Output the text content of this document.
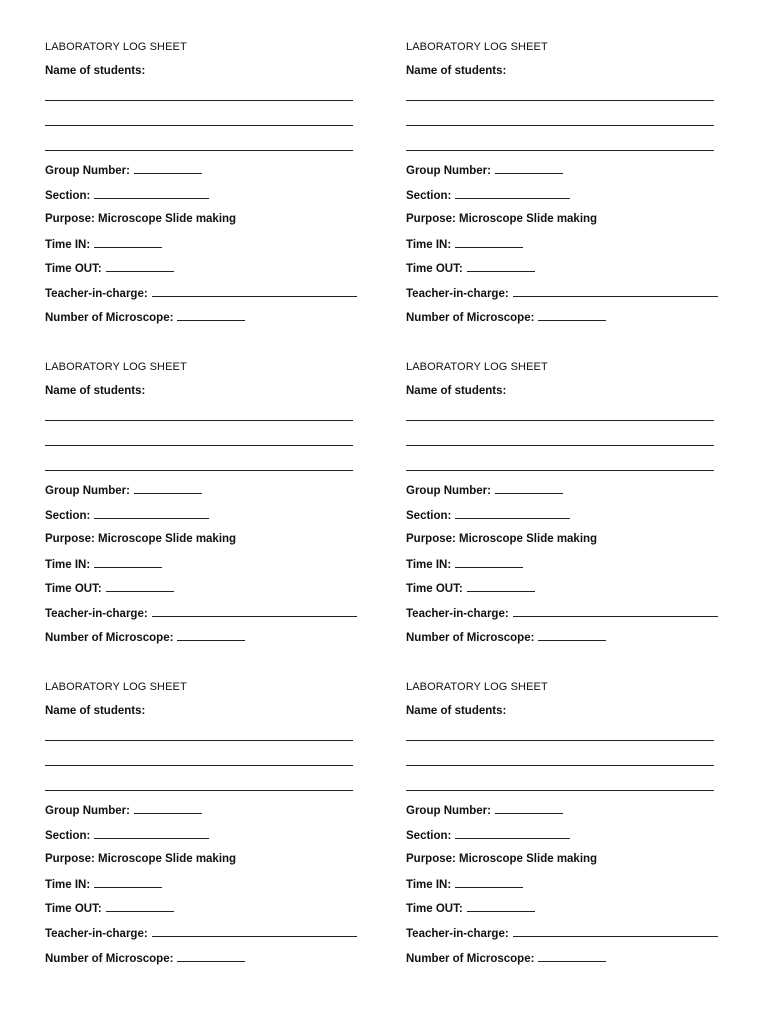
LABORATORY LOG SHEET
Name of students:
Group Number:
Section:
Purpose: Microscope Slide making
Time IN:
Time OUT:
Teacher-in-charge:
Number of Microscope:
LABORATORY LOG SHEET
Name of students:
Group Number:
Section:
Purpose: Microscope Slide making
Time IN:
Time OUT:
Teacher-in-charge:
Number of Microscope:
LABORATORY LOG SHEET
Name of students:
Group Number:
Section:
Purpose: Microscope Slide making
Time IN:
Time OUT:
Teacher-in-charge:
Number of Microscope:
LABORATORY LOG SHEET
Name of students:
Group Number:
Section:
Purpose: Microscope Slide making
Time IN:
Time OUT:
Teacher-in-charge:
Number of Microscope:
LABORATORY LOG SHEET
Name of students:
Group Number:
Section:
Purpose: Microscope Slide making
Time IN:
Time OUT:
Teacher-in-charge:
Number of Microscope:
LABORATORY LOG SHEET
Name of students:
Group Number:
Section:
Purpose: Microscope Slide making
Time IN:
Time OUT:
Teacher-in-charge:
Number of Microscope:
